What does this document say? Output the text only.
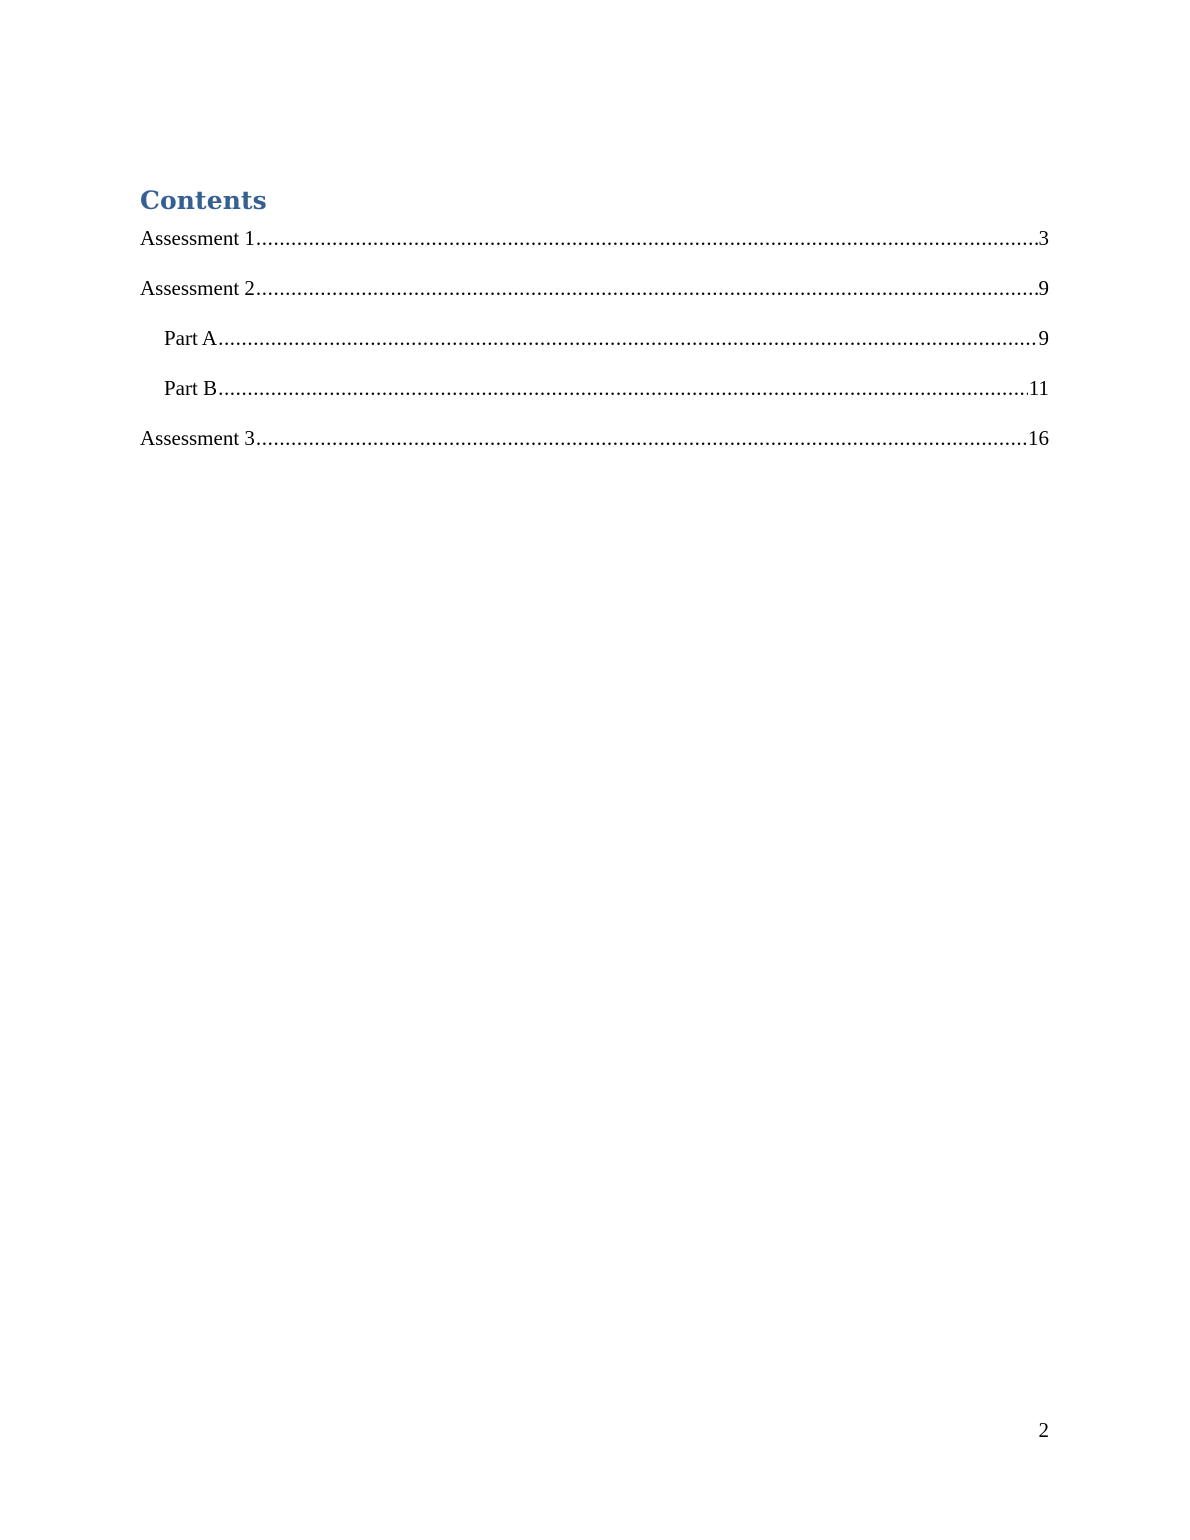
Contents
Assessment 1 .....	3
Assessment 2 .....	9
Part A .....	9
Part B .....	11
Assessment 3 .....	16
2
